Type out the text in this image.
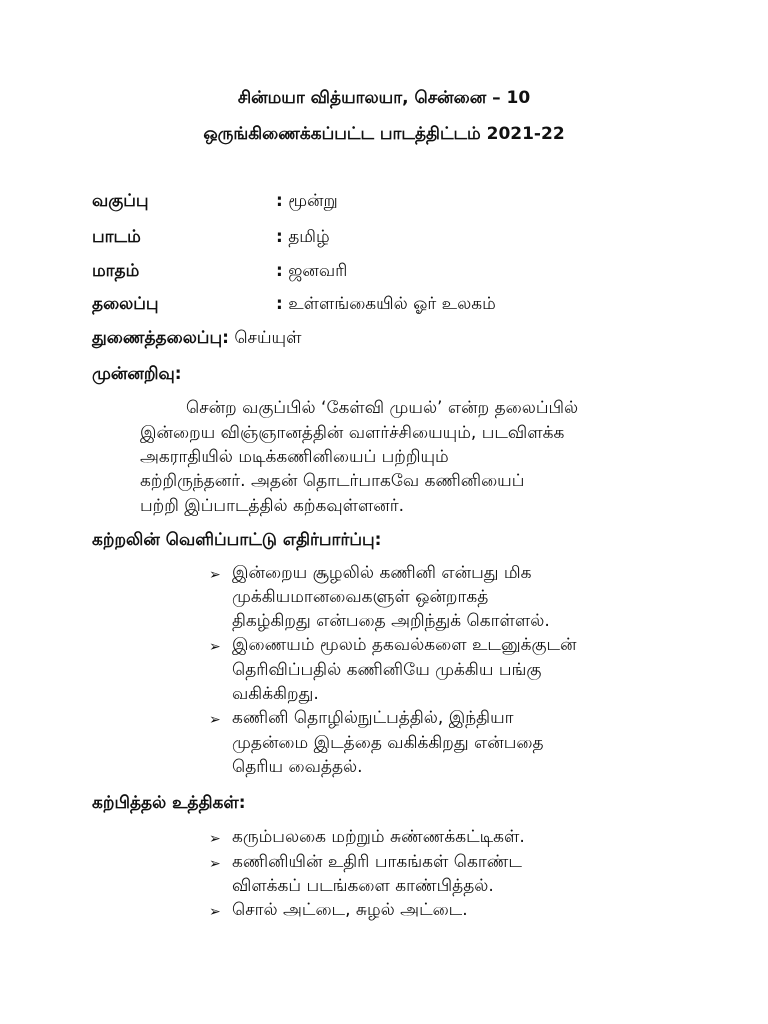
சின்மயா வித்யாலயா, சென்னை – 10
ஒருங்கிணைக்கப்பட்ட பாடத்திட்டம் 2021-22
வகுப்பு	: மூன்று
பாடம்	: தமிழ்
மாதம்	: ஜனவரி
தலைப்பு	: உள்ளங்கையில் ஓர் உலகம்
துணைத்தலைப்பு: செய்யுள்
முன்னறிவு:
சென்ற வகுப்பில் ‘கேள்வி முயல்’ என்ற தலைப்பில்
இன்றைய விஞ்ஞானத்தின் வளர்ச்சியையும், படவிளக்க
அகராதியில் மடிக்கணினியைப் பற்றியும்
கற்றிருந்தனர். அதன் தொடர்பாகவே கணினியைப்
பற்றி இப்பாடத்தில் கற்கவுள்ளனர்.
கற்றலின் வெளிப்பாட்டு எதிர்பார்ப்பு:
➢ இன்றைய சூழலில் கணினி என்பது மிக
முக்கியமானவைகளுள் ஒன்றாகத்
திகழ்கிறது என்பதை அறிந்துக் கொள்ளல்.
➢ இணையம் மூலம் தகவல்களை உடனுக்குடன்
தெரிவிப்பதில் கணினியே முக்கிய பங்கு
வகிக்கிறது.
➢ கணினி தொழில்நுட்பத்தில், இந்தியா
முதன்மை இடத்தை வகிக்கிறது என்பதை
தெரிய வைத்தல்.
கற்பித்தல் உத்திகள்:
➢ கரும்பலகை மற்றும் சுண்ணக்கட்டிகள்.
➢ கணினியின் உதிரி பாகங்கள் கொண்ட
விளக்கப் படங்களை காண்பித்தல்.
➢ சொல் அட்டை, சுழல் அட்டை.
